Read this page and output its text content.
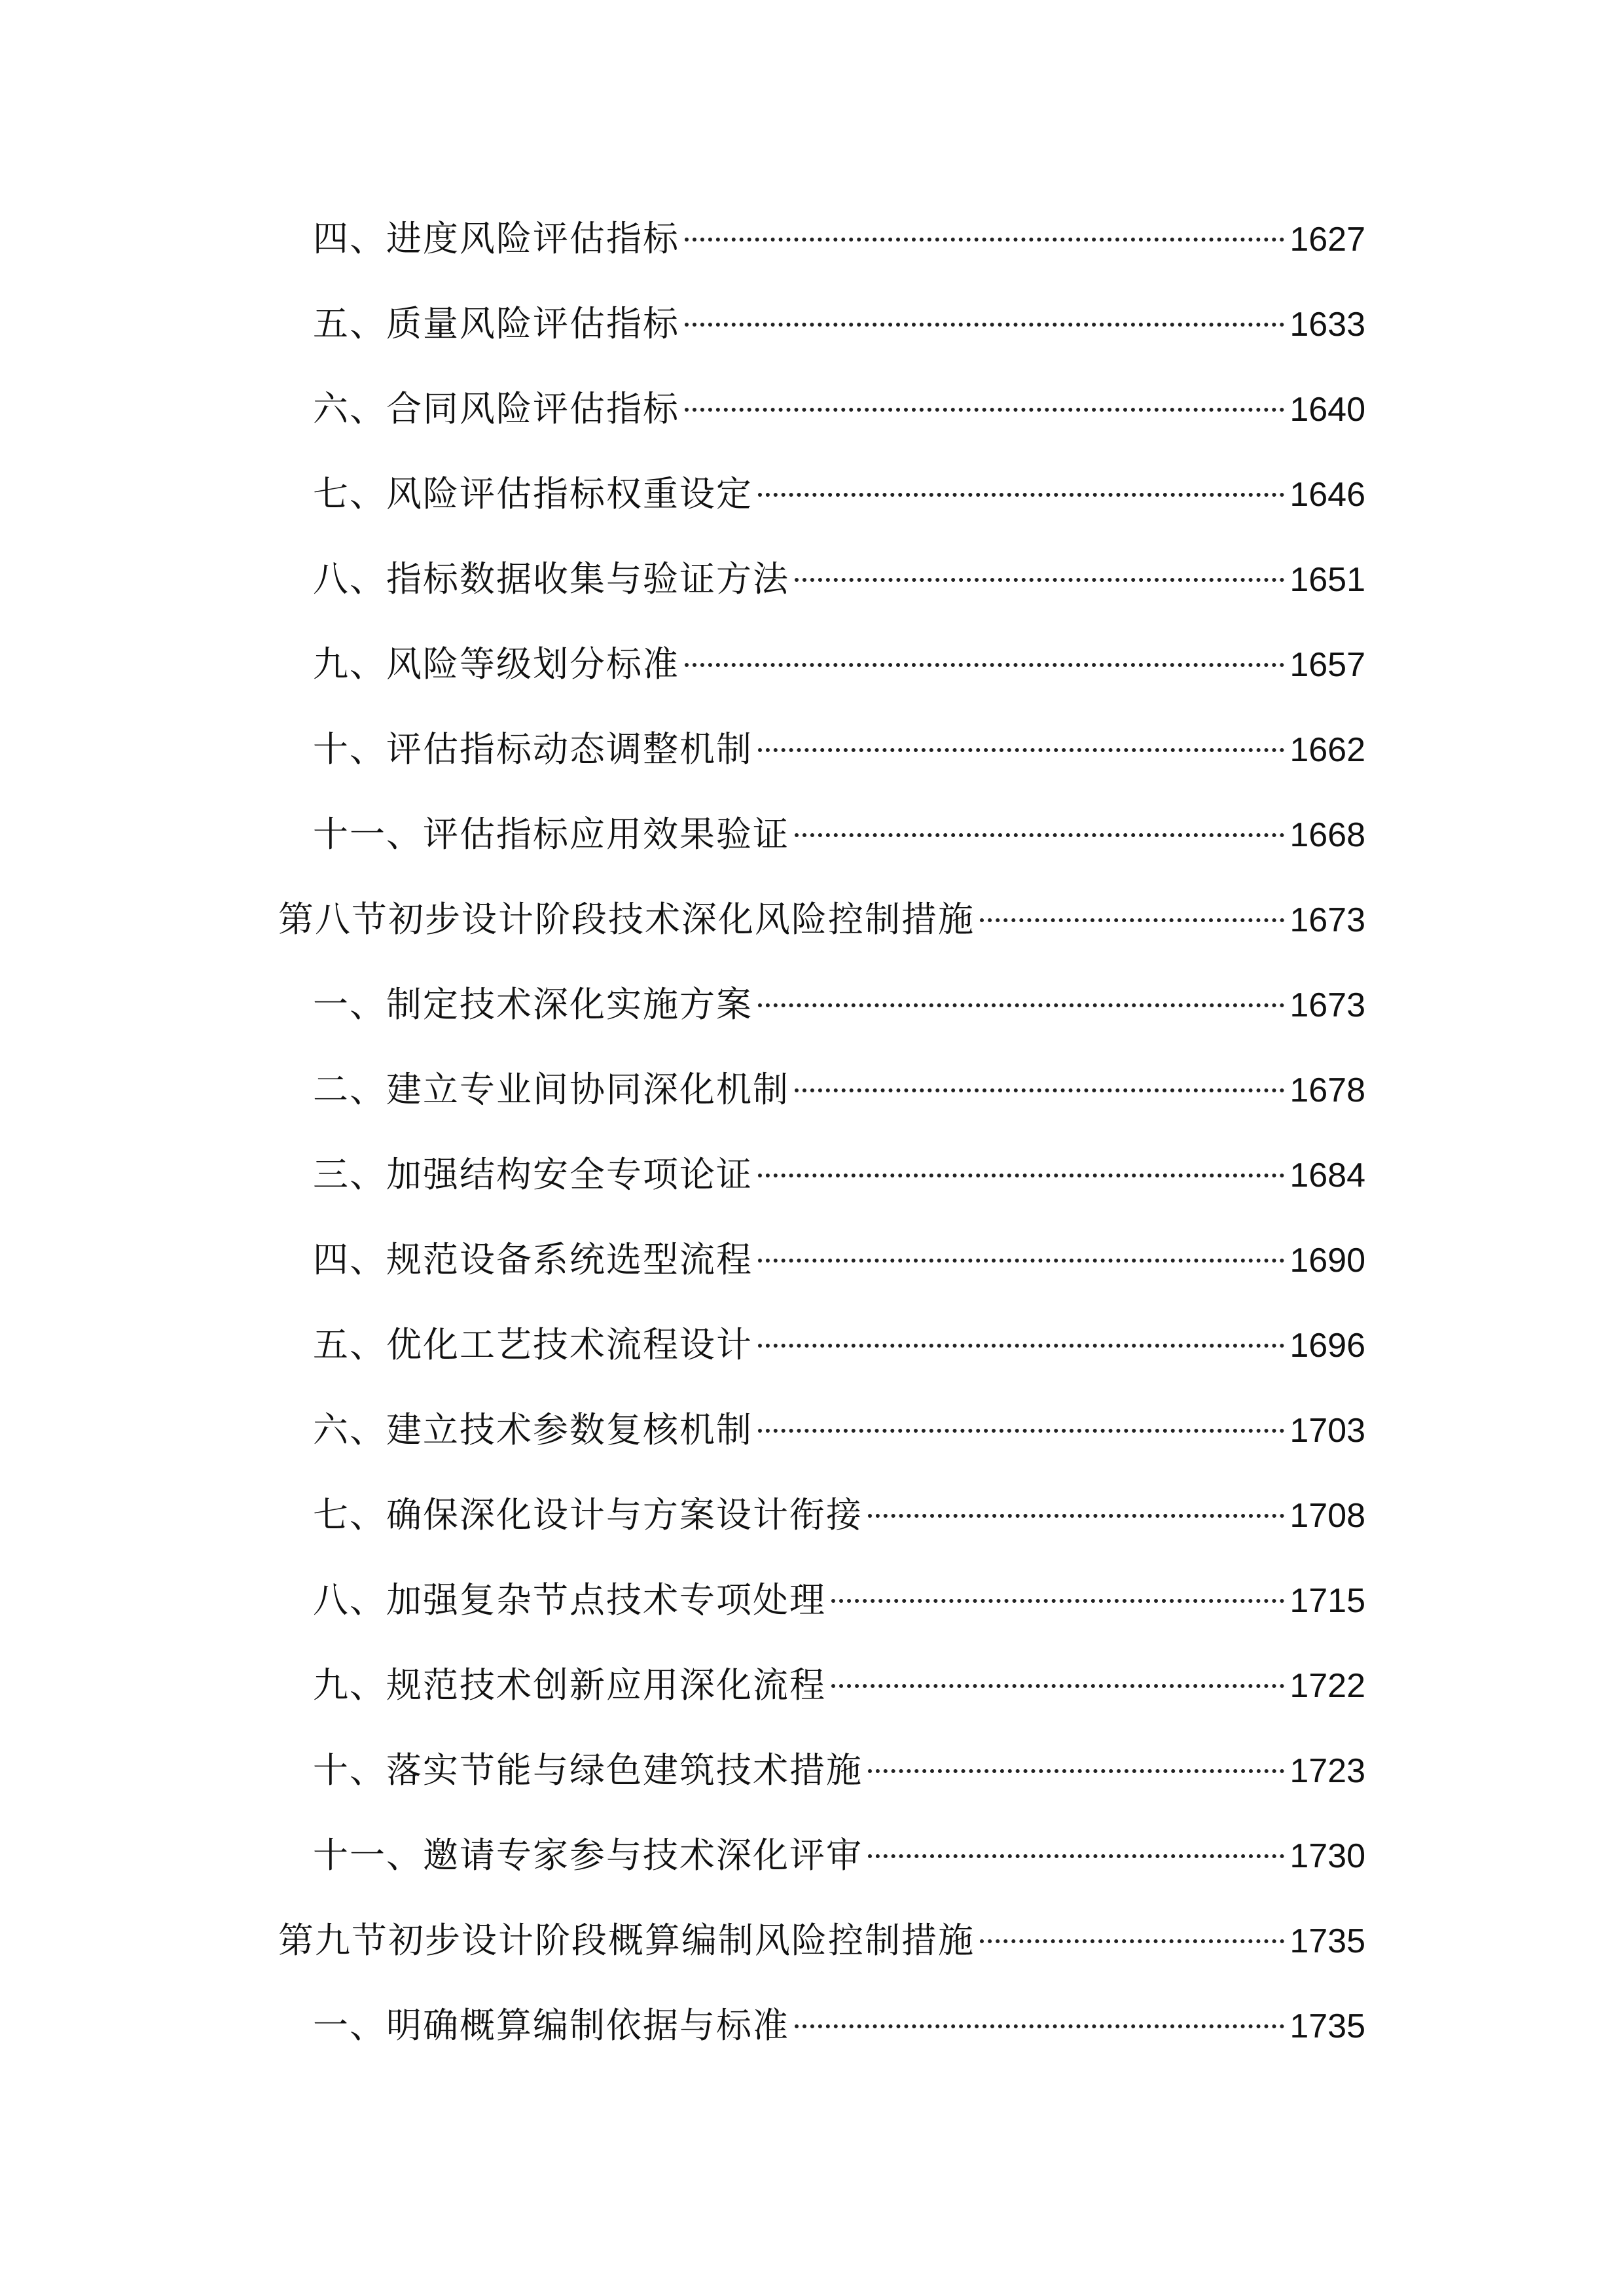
四、进度风险评估指标	1627
五、质量风险评估指标	1633
六、合同风险评估指标	1640
七、风险评估指标权重设定	1646
八、指标数据收集与验证方法	1651
九、风险等级划分标准	1657
十、评估指标动态调整机制	1662
十一、评估指标应用效果验证	1668
第八节初步设计阶段技术深化风险控制措施	1673
一、制定技术深化实施方案	1673
二、建立专业间协同深化机制	1678
三、加强结构安全专项论证	1684
四、规范设备系统选型流程	1690
五、优化工艺技术流程设计	1696
六、建立技术参数复核机制	1703
七、确保深化设计与方案设计衔接	1708
八、加强复杂节点技术专项处理	1715
九、规范技术创新应用深化流程	1722
十、落实节能与绿色建筑技术措施	1723
十一、邀请专家参与技术深化评审	1730
第九节初步设计阶段概算编制风险控制措施	1735
一、明确概算编制依据与标准	1735
